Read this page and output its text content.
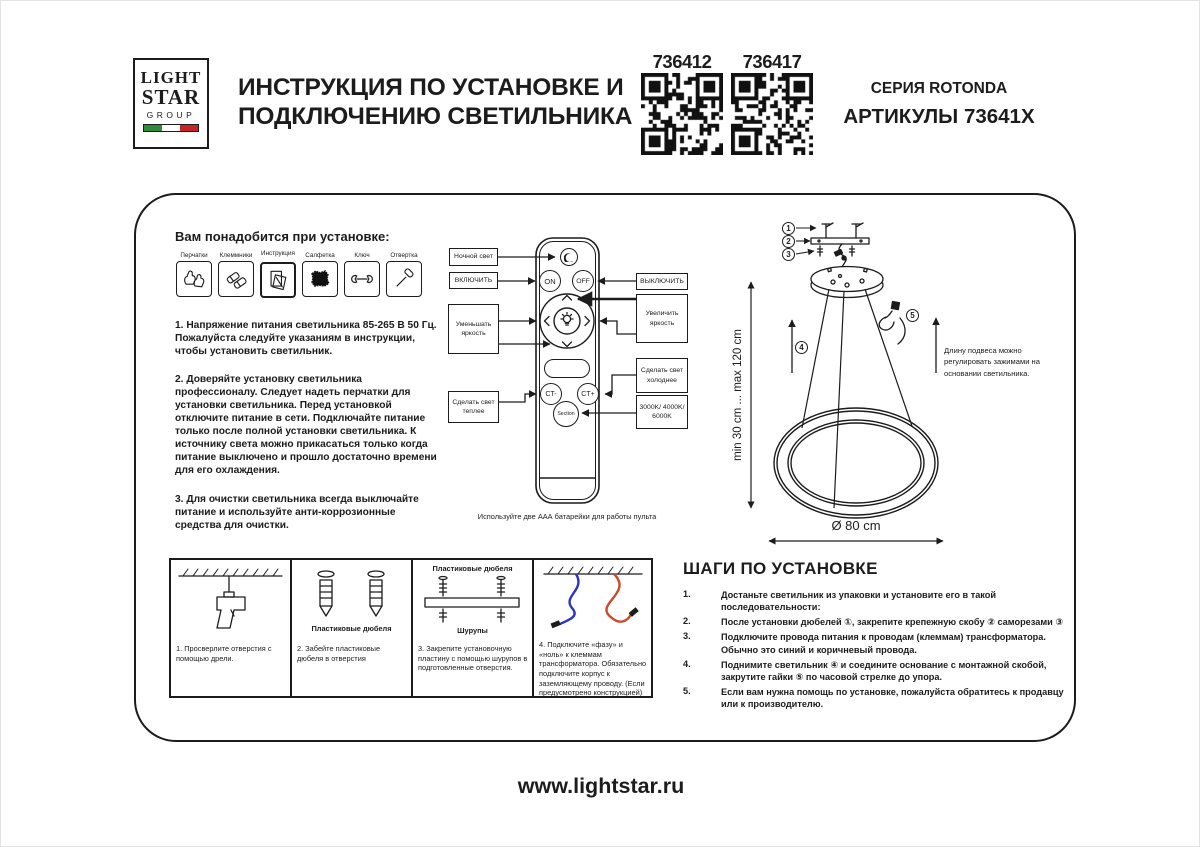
LIGHT
STAR
GROUP
ИНСТРУКЦИЯ ПО УСТАНОВКЕ И
ПОДКЛЮЧЕНИЮ СВЕТИЛЬНИКА
736412	736417
СЕРИЯ ROTONDA
АРТИКУЛЫ 73641X
Вам понадобится при установке:
Перчатки Клеммники Инструкция Салфетка	Ключ	Отвертка
1. Напряжение питания светильника 85-265 В 50 Гц. Пожалуйста следуйте указаниям в инструкции, чтобы установить светильник.
2. Доверяйте установку светильника профессионалу. Следует надеть перчатки для установки светильника. Перед установкой отключите питание в сети. Подключайте питание только после полной установки светильника. К источнику света можно прикасаться только когда питание выключено и прошло достаточно времени для его охлаждения.
3. Для очистки светильника всегда выключайте питание и используйте анти-коррозионные средства для очистки.
Ночной свет
ВКЛЮЧИТЬ
Уменьшать яркость
Сделать свет теплее
ВЫКЛЮЧИТЬ
Увеличить яркость
Сделать свет холоднее
3000K/ 4000K/ 6000K
ON	OFF
CT-	CT+
Section
Используйте две ААА батарейки для работы пульта
1
2
3
4
5
Длину подвеса можно регулировать зажимами на основании светильника.
min 30 cm ... max 120 cm
Ø 80 cm
1. Просверлите отверстия с помощью дрели.
Пластиковые дюбеля
2. Забейте пластиковые дюбеля в отверстия
Пластиковые дюбеля
Шурупы
3. Закрепите установочную пластину с помощью шурупов в подготовленные отверстия.
4. Подключите «фазу» и «ноль» к клеммам трансформатора. Обязательно подключите корпус к заземляющему проводу. (Если предусмотрено конструкцией)
ШАГИ ПО УСТАНОВКЕ
1.	Достаньте светильник из упаковки и установите его в такой последовательности:
2.	После установки дюбелей ①, закрепите крепежную скобу ② саморезами ③
3.	Подключите провода питания к проводам (клеммам) трансформатора. Обычно это синий и коричневый провода.
4.	Поднимите светильник ④ и соедините основание с монтажной скобой, закрутите гайки ⑤ по часовой стрелке до упора.
5.	Если вам нужна помощь по установке, пожалуйста обратитесь к продавцу или к производителю.
www.lightstar.ru
